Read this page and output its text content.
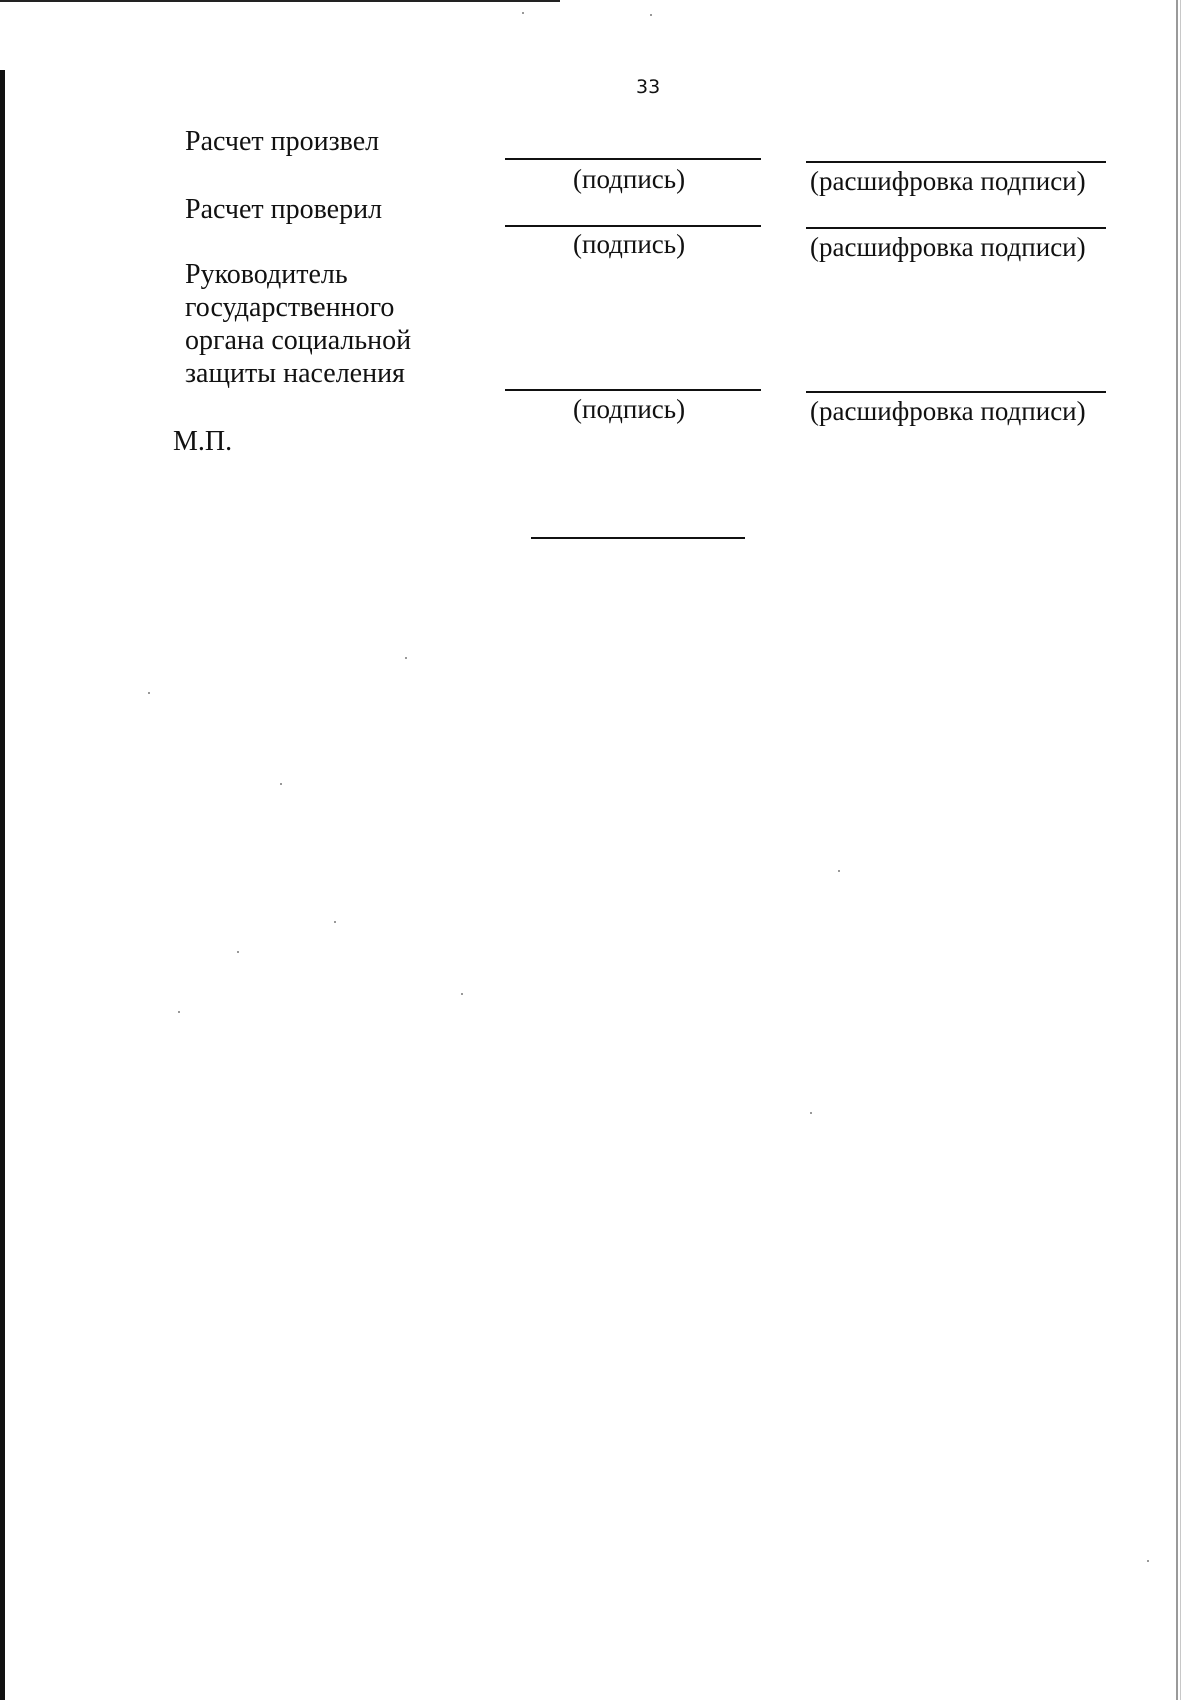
33
Расчет произвел
(подпись)	(расшифровка подписи)
Расчет проверил
(подпись)	(расшифровка подписи)
Руководитель
государственного
органа социальной
защиты населения
(подпись)	(расшифровка подписи)
М.П.
